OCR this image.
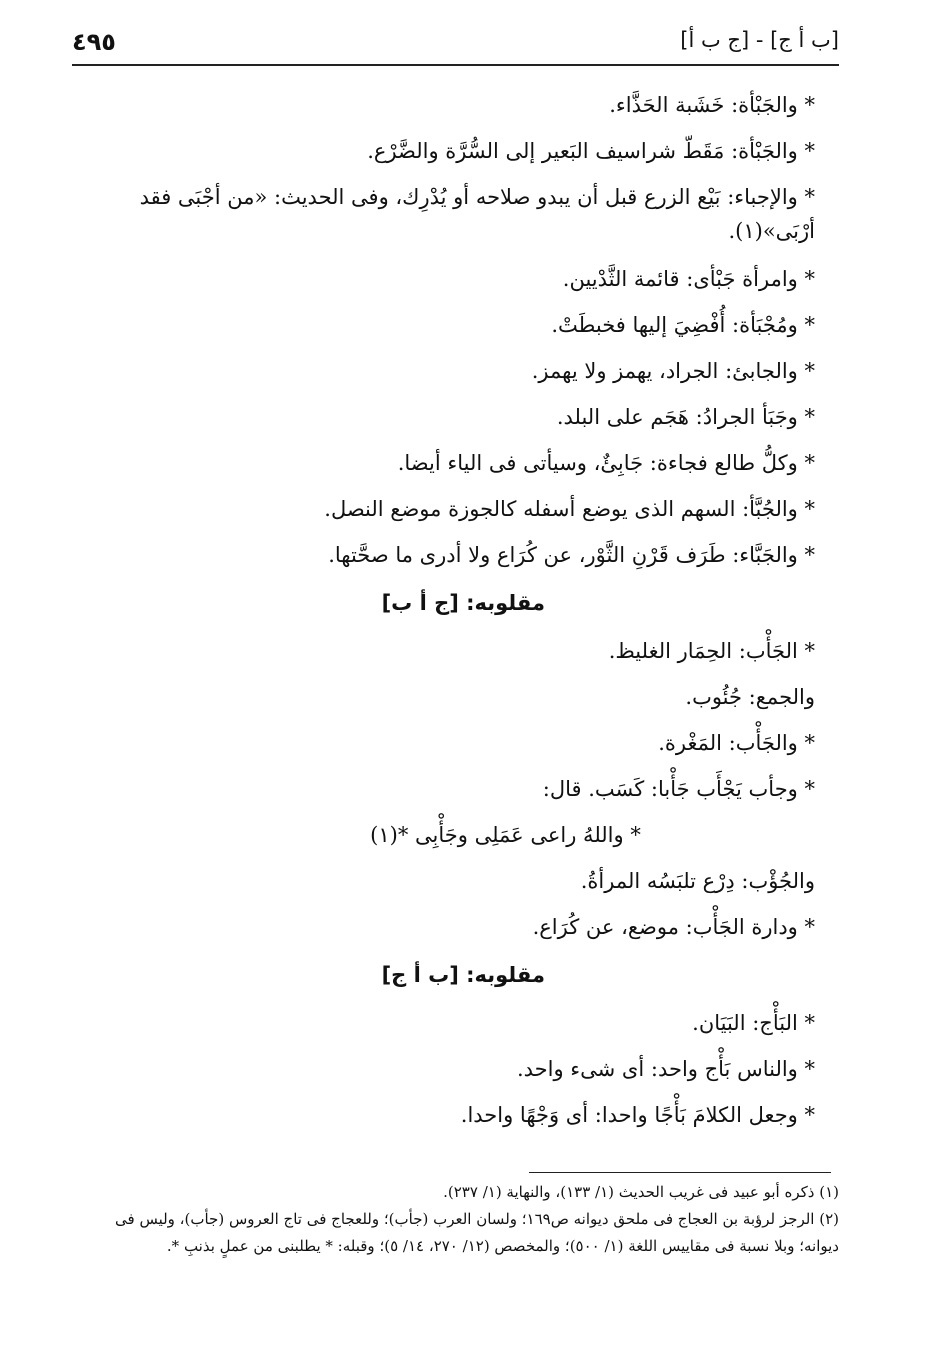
٤٩٥	[ج ب أ] - [ب أ ج]

* والجَبْأة: خَشَبة الحَذَّاء.

* والجَبْأة: مَقَطّ شراسيف البَعير إلى السُّرَّة والضَّرْع.

* والإجباء: بَيْع الزرع قبل أن يبدو صلاحه أو يُدْرِك، وفى الحديث: «من أجْبَى فقد أرْبَى»(١).

* وامرأة جَبْأى: قائمة الثَّدْيين.

* ومُجْبَأة: أُفْضِيَ إليها فخبطَتْ.

* والجابئ: الجراد، يهمز ولا يهمز.

* وجَبَأ الجرادُ: هَجَم على البلد.

* وكلُّ طالع فجاءة: جَابِئٌ، وسيأتى فى الياء أيضا.

* والجُبَّأ: السهم الذى يوضع أسفله كالجوزة موضع النصل.

* والجَبَّاء: طَرَف قَرْنِ الثَّوْر، عن كُرَاع ولا أدرى ما صحَّتها.

مقلوبه: [ج أ ب]

* الجَأْب: الحِمَار الغليظ.

والجمع: جُئُوب.

* والجَأْب: المَغْرة.

* وجأب يَجْأَب جَأْبا: كَسَب. قال:

* واللهُ راعى عَمَلِى وجَأْبِى *(١)

والجُؤْب: دِرْع تلبَسُه المرأةُ.

* ودارة الجَأْب: موضع، عن كُرَاع.

مقلوبه: [ب أ ج]

* البَأْج: البَيَان.

* والناس بَأْج واحد: أى شىء واحد.

* وجعل الكلامَ بَأْجًا واحدا: أى وَجْهًا واحدا.

(١) ذكره أبو عبيد فى غريب الحديث (١/ ١٣٣)، والنهاية (١/ ٢٣٧).

(٢) الرجز لرؤبة بن العجاج فى ملحق ديوانه ص١٦٩؛ ولسان العرب (جأب)؛ وللعجاج فى تاج العروس (جأب)، وليس فى ديوانه؛ وبلا نسبة فى مقاييس اللغة (١/ ٥٠٠)؛ والمخصص (١٢/ ٢٧٠، ١٤/ ٥)؛ وقبله: * يطلبنى من عملٍ بذنبِ *.
